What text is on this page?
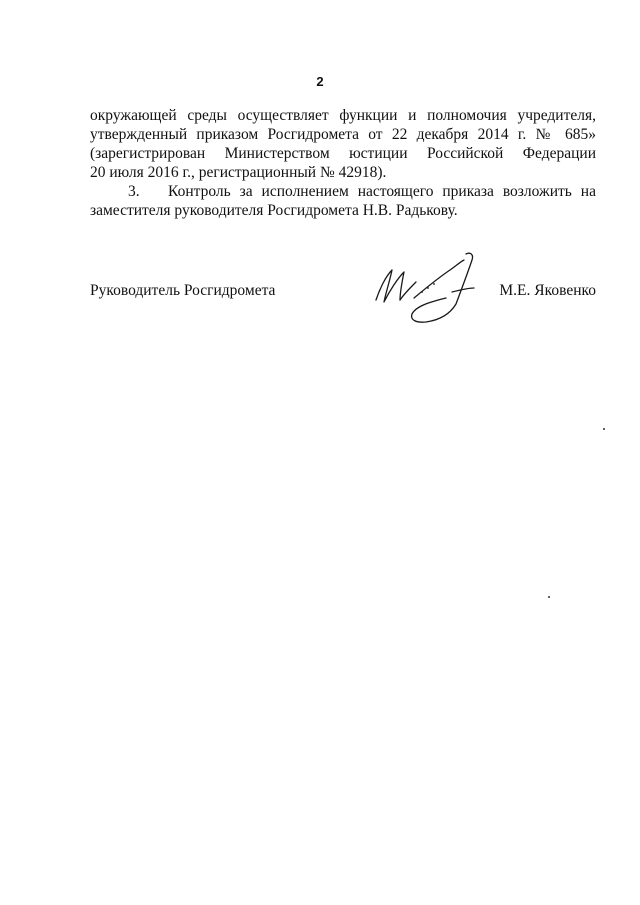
2

окружающей среды осуществляет функции и полномочия учредителя,

утвержденный приказом Росгидромета от 22 декабря 2014 г. № 685»

(зарегистрирован Министерством юстиции Российской Федерации

20 июля 2016 г., регистрационный № 42918).

3.	Контроль за исполнением настоящего приказа возложить на

заместителя руководителя Росгидромета Н.В. Радькову.

Руководитель Росгидромета	М.Е. Яковенко
